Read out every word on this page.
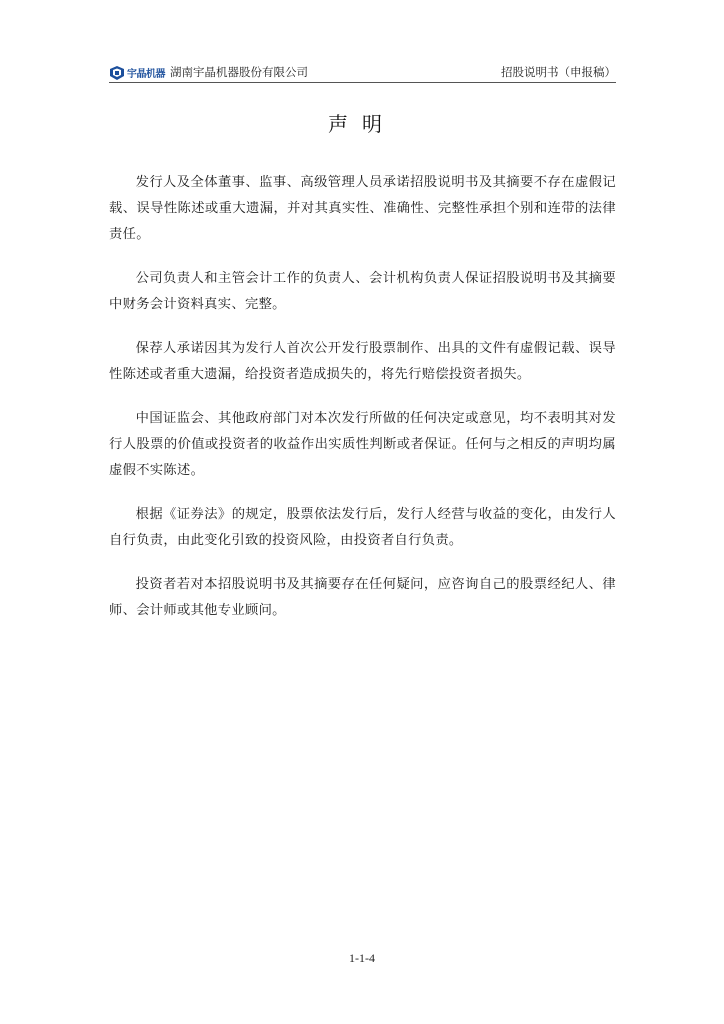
宇晶机器 湖南宇晶机器股份有限公司	招股说明书（申报稿）
声明

发行人及全体董事、监事、高级管理人员承诺招股说明书及其摘要不存在虚假记载、误导性陈述或重大遗漏，并对其真实性、准确性、完整性承担个别和连带的法律责任。

公司负责人和主管会计工作的负责人、会计机构负责人保证招股说明书及其摘要中财务会计资料真实、完整。

保荐人承诺因其为发行人首次公开发行股票制作、出具的文件有虚假记载、误导性陈述或者重大遗漏，给投资者造成损失的，将先行赔偿投资者损失。

中国证监会、其他政府部门对本次发行所做的任何决定或意见，均不表明其对发行人股票的价值或投资者的收益作出实质性判断或者保证。任何与之相反的声明均属虚假不实陈述。

根据《证券法》的规定，股票依法发行后，发行人经营与收益的变化，由发行人自行负责，由此变化引致的投资风险，由投资者自行负责。

投资者若对本招股说明书及其摘要存在任何疑问，应咨询自己的股票经纪人、律师、会计师或其他专业顾问。

1-1-4
